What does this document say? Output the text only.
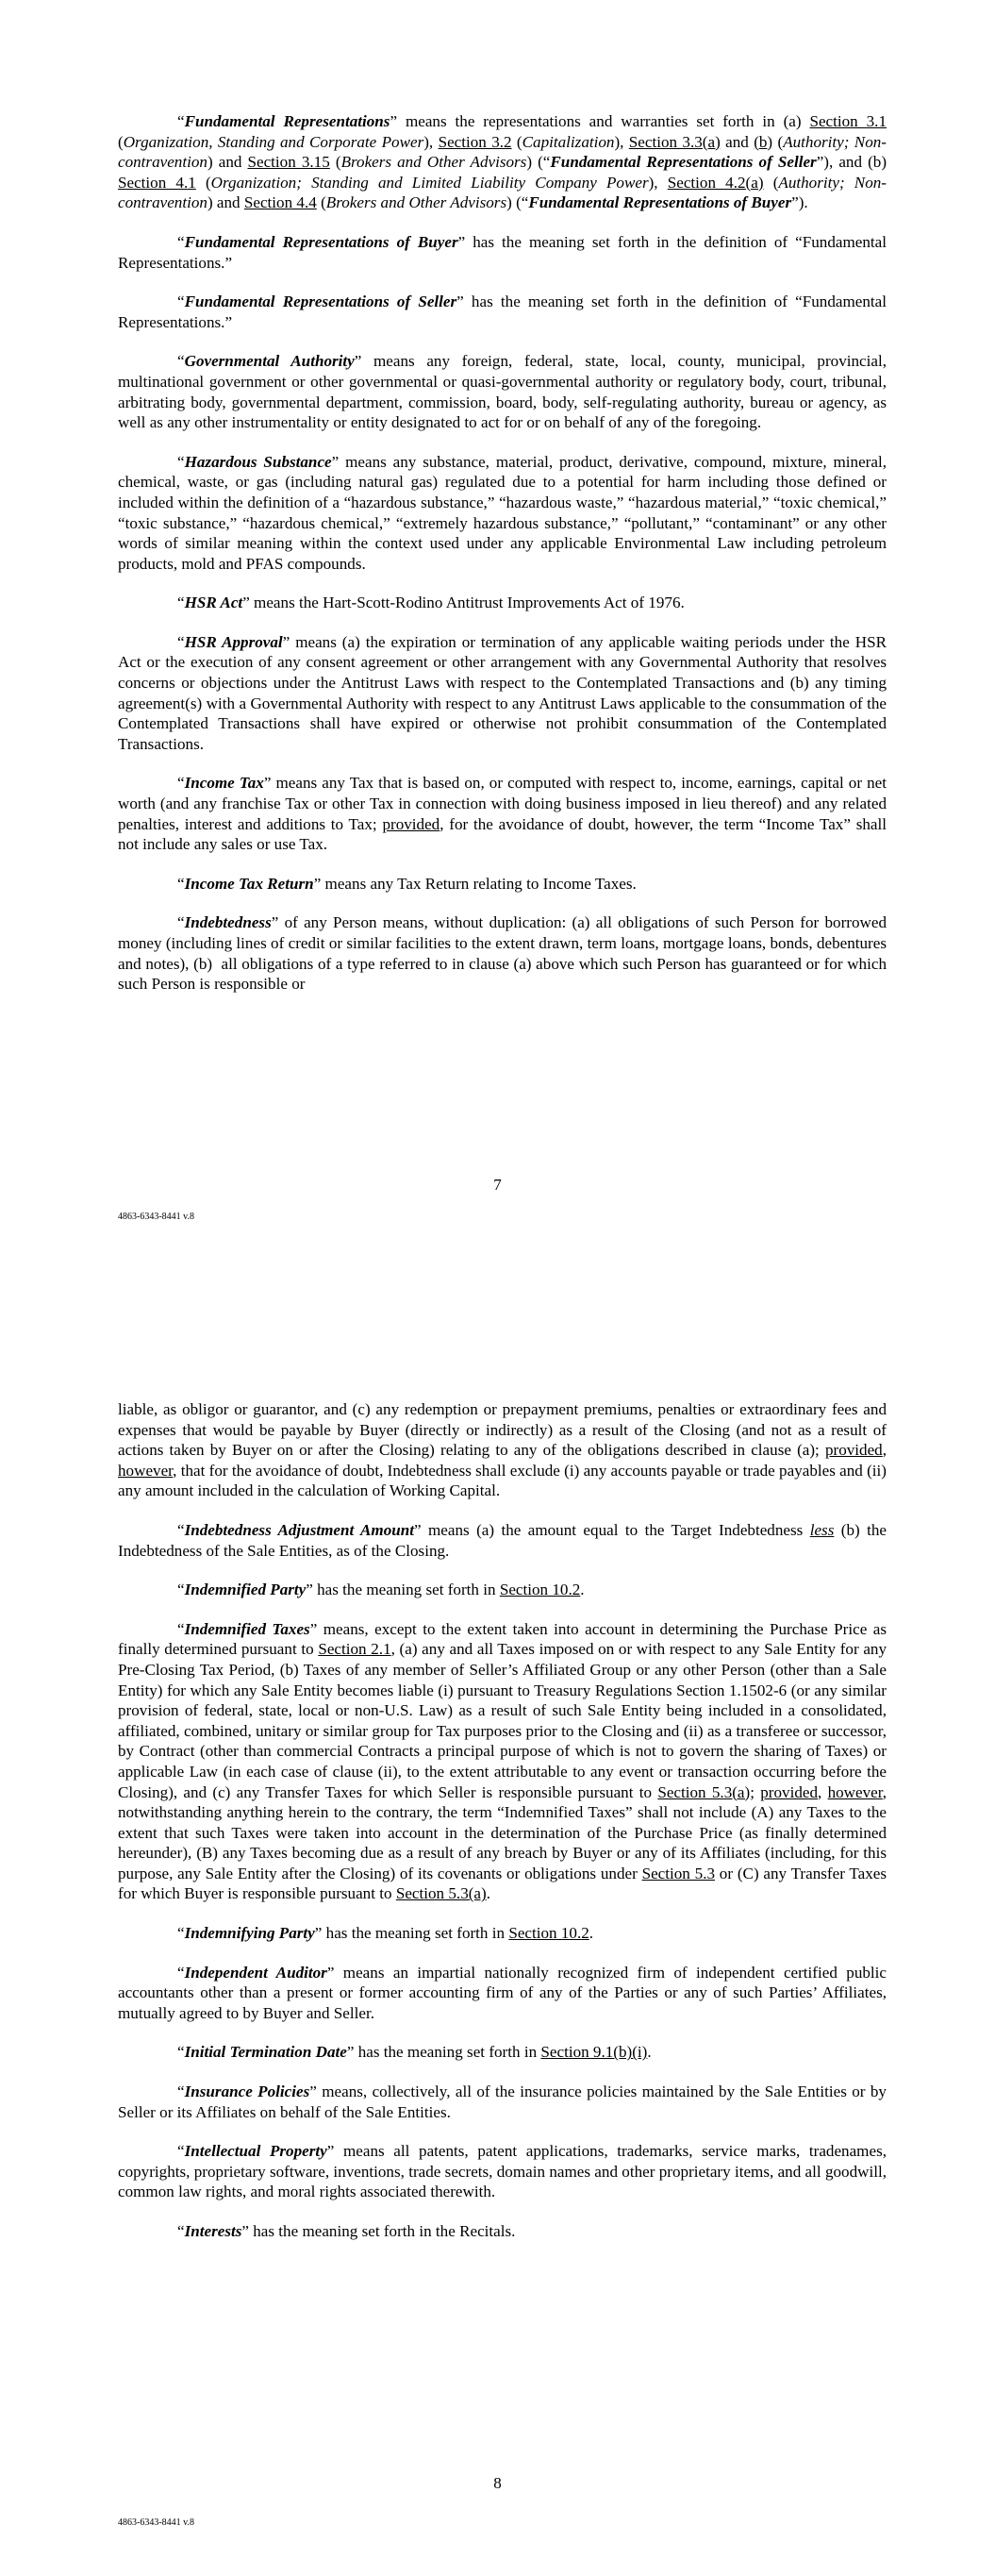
“Fundamental Representations” means the representations and warranties set forth in (a) Section 3.1 (Organization, Standing and Corporate Power), Section 3.2 (Capitalization), Section 3.3(a) and (b) (Authority; Non-contravention) and Section 3.15 (Brokers and Other Advisors) (“Fundamental Representations of Seller”), and (b) Section 4.1 (Organization; Standing and Limited Liability Company Power), Section 4.2(a) (Authority; Non-contravention) and Section 4.4 (Brokers and Other Advisors) (“Fundamental Representations of Buyer”).

“Fundamental Representations of Buyer” has the meaning set forth in the definition of “Fundamental Representations.”

“Fundamental Representations of Seller” has the meaning set forth in the definition of “Fundamental Representations.”

“Governmental Authority” means any foreign, federal, state, local, county, municipal, provincial, multinational government or other governmental or quasi-governmental authority or regulatory body, court, tribunal, arbitrating body, governmental department, commission, board, body, self-regulating authority, bureau or agency, as well as any other instrumentality or entity designated to act for or on behalf of any of the foregoing.

“Hazardous Substance” means any substance, material, product, derivative, compound, mixture, mineral, chemical, waste, or gas (including natural gas) regulated due to a potential for harm including those defined or included within the definition of a “hazardous substance,” “hazardous waste,” “hazardous material,” “toxic chemical,” “toxic substance,” “hazardous chemical,” “extremely hazardous substance,” “pollutant,” “contaminant” or any other words of similar meaning within the context used under any applicable Environmental Law including petroleum products, mold and PFAS compounds.

“HSR Act” means the Hart-Scott-Rodino Antitrust Improvements Act of 1976.

“HSR Approval” means (a) the expiration or termination of any applicable waiting periods under the HSR Act or the execution of any consent agreement or other arrangement with any Governmental Authority that resolves concerns or objections under the Antitrust Laws with respect to the Contemplated Transactions and (b) any timing agreement(s) with a Governmental Authority with respect to any Antitrust Laws applicable to the consummation of the Contemplated Transactions shall have expired or otherwise not prohibit consummation of the Contemplated Transactions.

“Income Tax” means any Tax that is based on, or computed with respect to, income, earnings, capital or net worth (and any franchise Tax or other Tax in connection with doing business imposed in lieu thereof) and any related penalties, interest and additions to Tax; provided, for the avoidance of doubt, however, the term “Income Tax” shall not include any sales or use Tax.

“Income Tax Return” means any Tax Return relating to Income Taxes.

“Indebtedness” of any Person means, without duplication: (a) all obligations of such Person for borrowed money (including lines of credit or similar facilities to the extent drawn, term loans, mortgage loans, bonds, debentures and notes), (b)  all obligations of a type referred to in clause (a) above which such Person has guaranteed or for which such Person is responsible or

7
4863-6343-8441 v.8

liable, as obligor or guarantor, and (c) any redemption or prepayment premiums, penalties or extraordinary fees and expenses that would be payable by Buyer (directly or indirectly) as a result of the Closing (and not as a result of actions taken by Buyer on or after the Closing) relating to any of the obligations described in clause (a); provided, however, that for the avoidance of doubt, Indebtedness shall exclude (i) any accounts payable or trade payables and (ii) any amount included in the calculation of Working Capital.

“Indebtedness Adjustment Amount” means (a) the amount equal to the Target Indebtedness less (b) the Indebtedness of the Sale Entities, as of the Closing.

“Indemnified Party” has the meaning set forth in Section 10.2.

“Indemnified Taxes” means, except to the extent taken into account in determining the Purchase Price as finally determined pursuant to Section 2.1, (a) any and all Taxes imposed on or with respect to any Sale Entity for any Pre-Closing Tax Period, (b) Taxes of any member of Seller’s Affiliated Group or any other Person (other than a Sale Entity) for which any Sale Entity becomes liable (i) pursuant to Treasury Regulations Section 1.1502-6 (or any similar provision of federal, state, local or non-U.S. Law) as a result of such Sale Entity being included in a consolidated, affiliated, combined, unitary or similar group for Tax purposes prior to the Closing and (ii) as a transferee or successor, by Contract (other than commercial Contracts a principal purpose of which is not to govern the sharing of Taxes) or applicable Law (in each case of clause (ii), to the extent attributable to any event or transaction occurring before the Closing), and (c) any Transfer Taxes for which Seller is responsible pursuant to Section 5.3(a); provided, however, notwithstanding anything herein to the contrary, the term “Indemnified Taxes” shall not include (A) any Taxes to the extent that such Taxes were taken into account in the determination of the Purchase Price (as finally determined hereunder), (B) any Taxes becoming due as a result of any breach by Buyer or any of its Affiliates (including, for this purpose, any Sale Entity after the Closing) of its covenants or obligations under Section 5.3 or (C) any Transfer Taxes for which Buyer is responsible pursuant to Section 5.3(a).

“Indemnifying Party” has the meaning set forth in Section 10.2.

“Independent Auditor” means an impartial nationally recognized firm of independent certified public accountants other than a present or former accounting firm of any of the Parties or any of such Parties’ Affiliates, mutually agreed to by Buyer and Seller.

“Initial Termination Date” has the meaning set forth in Section 9.1(b)(i).

“Insurance Policies” means, collectively, all of the insurance policies maintained by the Sale Entities or by Seller or its Affiliates on behalf of the Sale Entities.

“Intellectual Property” means all patents, patent applications, trademarks, service marks, tradenames, copyrights, proprietary software, inventions, trade secrets, domain names and other proprietary items, and all goodwill, common law rights, and moral rights associated therewith.

“Interests” has the meaning set forth in the Recitals.

8
4863-6343-8441 v.8
